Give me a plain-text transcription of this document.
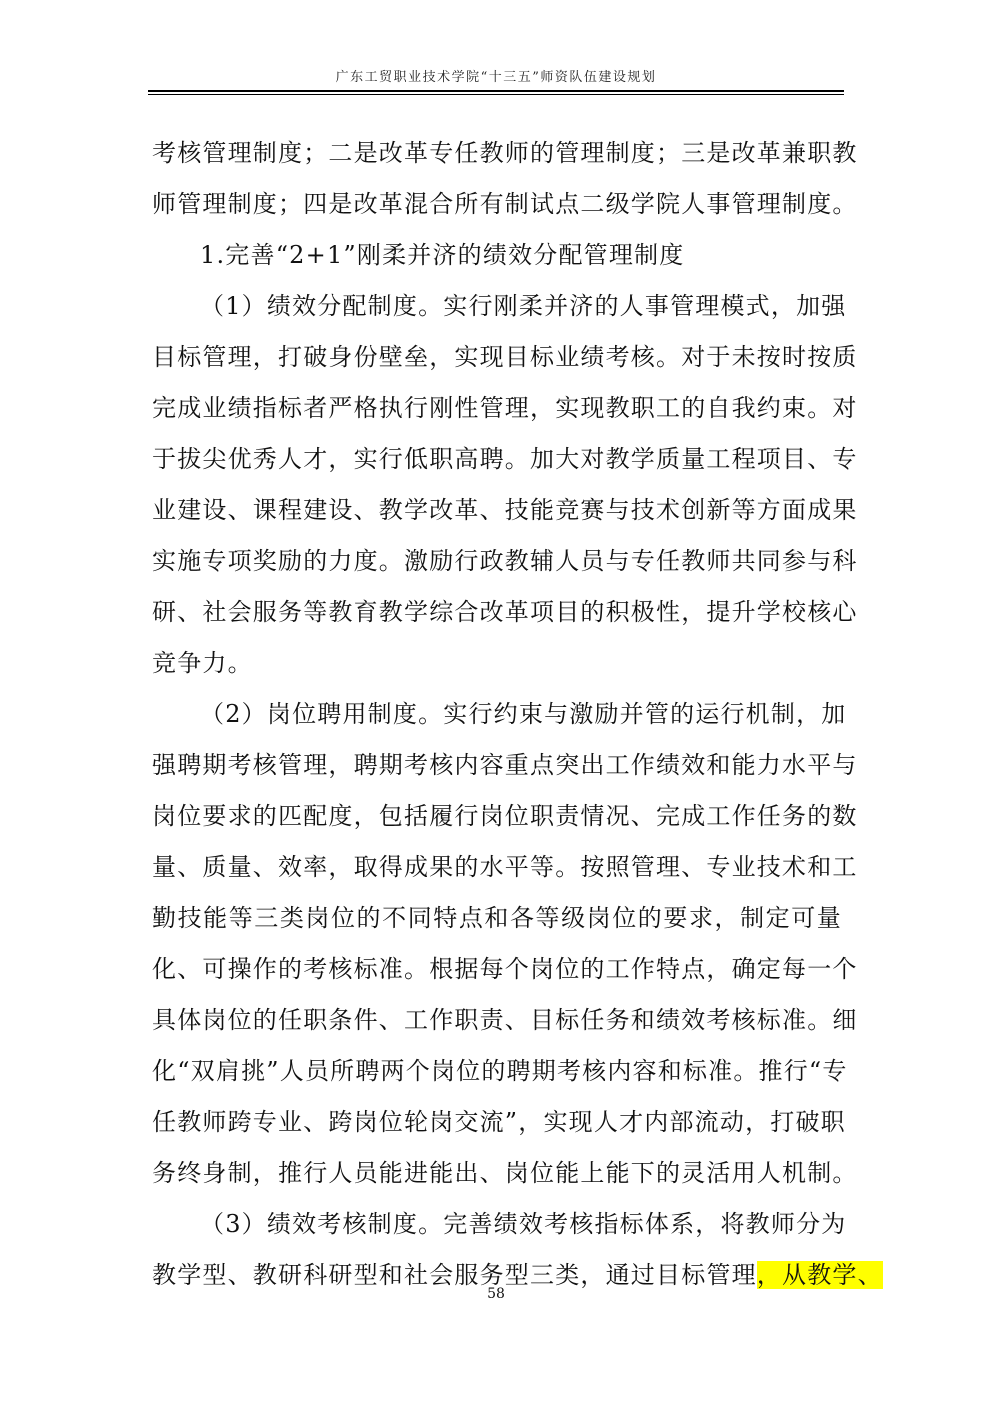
广东工贸职业技术学院“十三五”师资队伍建设规划
考核管理制度；二是改革专任教师的管理制度；三是改革兼职教
师管理制度；四是改革混合所有制试点二级学院人事管理制度。
1.完善“2+1”刚柔并济的绩效分配管理制度
（1）绩效分配制度。实行刚柔并济的人事管理模式，加强
目标管理，打破身份壁垒，实现目标业绩考核。对于未按时按质
完成业绩指标者严格执行刚性管理，实现教职工的自我约束。对
于拔尖优秀人才，实行低职高聘。加大对教学质量工程项目、专
业建设、课程建设、教学改革、技能竞赛与技术创新等方面成果
实施专项奖励的力度。激励行政教辅人员与专任教师共同参与科
研、社会服务等教育教学综合改革项目的积极性，提升学校核心
竞争力。
（2）岗位聘用制度。实行约束与激励并管的运行机制，加
强聘期考核管理，聘期考核内容重点突出工作绩效和能力水平与
岗位要求的匹配度，包括履行岗位职责情况、完成工作任务的数
量、质量、效率，取得成果的水平等。按照管理、专业技术和工
勤技能等三类岗位的不同特点和各等级岗位的要求，制定可量
化、可操作的考核标准。根据每个岗位的工作特点，确定每一个
具体岗位的任职条件、工作职责、目标任务和绩效考核标准。细
化“双肩挑”人员所聘两个岗位的聘期考核内容和标准。推行“专
任教师跨专业、跨岗位轮岗交流”，实现人才内部流动，打破职
务终身制，推行人员能进能出、岗位能上能下的灵活用人机制。
（3）绩效考核制度。完善绩效考核指标体系，将教师分为
教学型、教研科研型和社会服务型三类，通过目标管理，从教学、
58
